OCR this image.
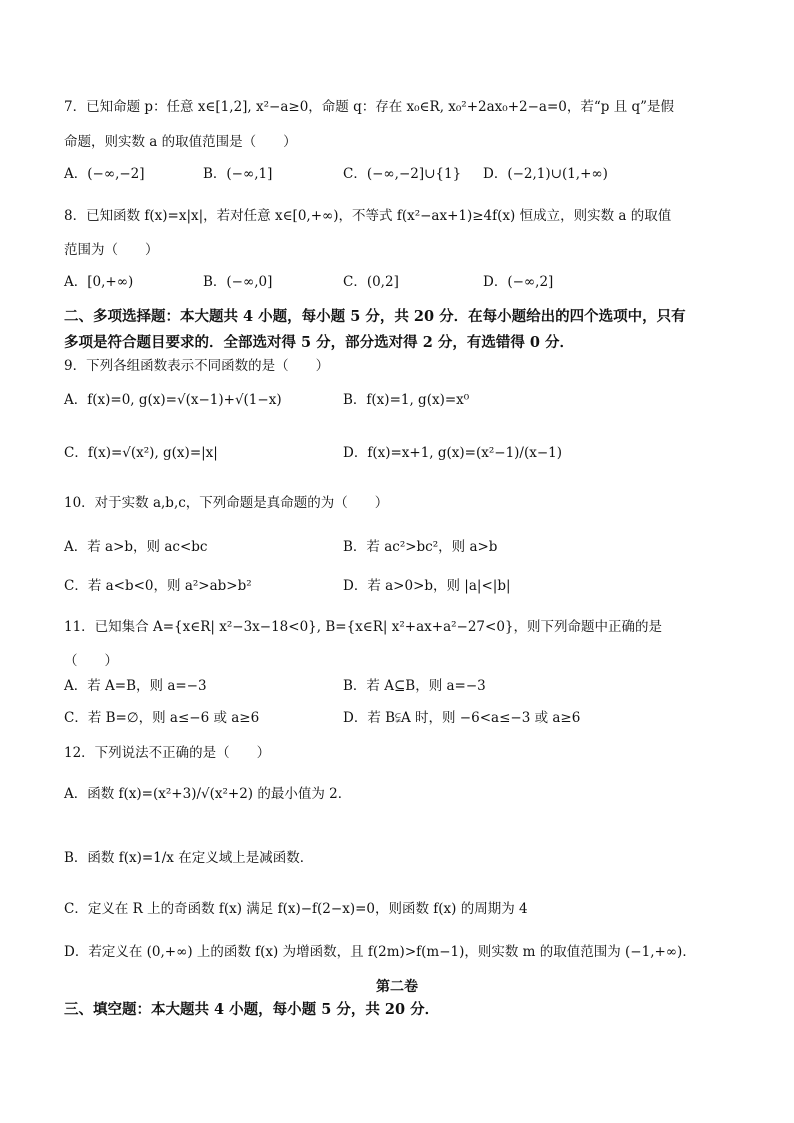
7．已知命题 p：任意 x∈[1,2], x²−a≥0，命题 q：存在 x₀∈R, x₀²+2ax₀+2−a=0，若“p 且 q”是假
命题，则实数 a 的取值范围是（　　）
A．(−∞,−2]	B．(−∞,1]	C．(−∞,−2]∪{1} D．(−2,1)∪(1,+∞)
8．已知函数 f(x)=x|x|，若对任意 x∈[0,+∞)，不等式 f(x²−ax+1)≥4f(x) 恒成立，则实数 a 的取值
范围为（　　）
A．[0,+∞)	B．(−∞,0]	C．(0,2]	D．(−∞,2]
二、多项选择题：本大题共 4 小题，每小题 5 分，共 20 分．在每小题给出的四个选项中，只有
多项是符合题目要求的．全部选对得 5 分，部分选对得 2 分，有选错得 0 分．
9．下列各组函数表示不同函数的是（　　）
A．f(x)=0, g(x)=√(x−1)+√(1−x)	B．f(x)=1, g(x)=x⁰
C．f(x)=√(x²), g(x)=|x|	D．f(x)=x+1, g(x)=(x²−1)/(x−1)
10．对于实数 a,b,c，下列命题是真命题的为（　　）
A．若 a>b，则 ac<bc	B．若 ac²>bc²，则 a>b
C．若 a<b<0，则 a²>ab>b²	D．若 a>0>b，则 |a|<|b|
11．已知集合 A={x∈R| x²−3x−18<0}, B={x∈R| x²+ax+a²−27<0}，则下列命题中正确的是
（　　）
A．若 A=B，则 a=−3	B．若 A⊆B，则 a=−3
C．若 B=∅，则 a≤−6 或 a≥6	D．若 B⫋A 时，则 −6<a≤−3 或 a≥6
12．下列说法不正确的是（　　）
A．函数 f(x)=(x²+3)/√(x²+2) 的最小值为 2．
B．函数 f(x)=1/x 在定义域上是减函数．
C．定义在 R 上的奇函数 f(x) 满足 f(x)−f(2−x)=0，则函数 f(x) 的周期为 4
D．若定义在 (0,+∞) 上的函数 f(x) 为增函数，且 f(2m)>f(m−1)，则实数 m 的取值范围为 (−1,+∞)．
第二卷
三、填空题：本大题共 4 小题，每小题 5 分，共 20 分．
